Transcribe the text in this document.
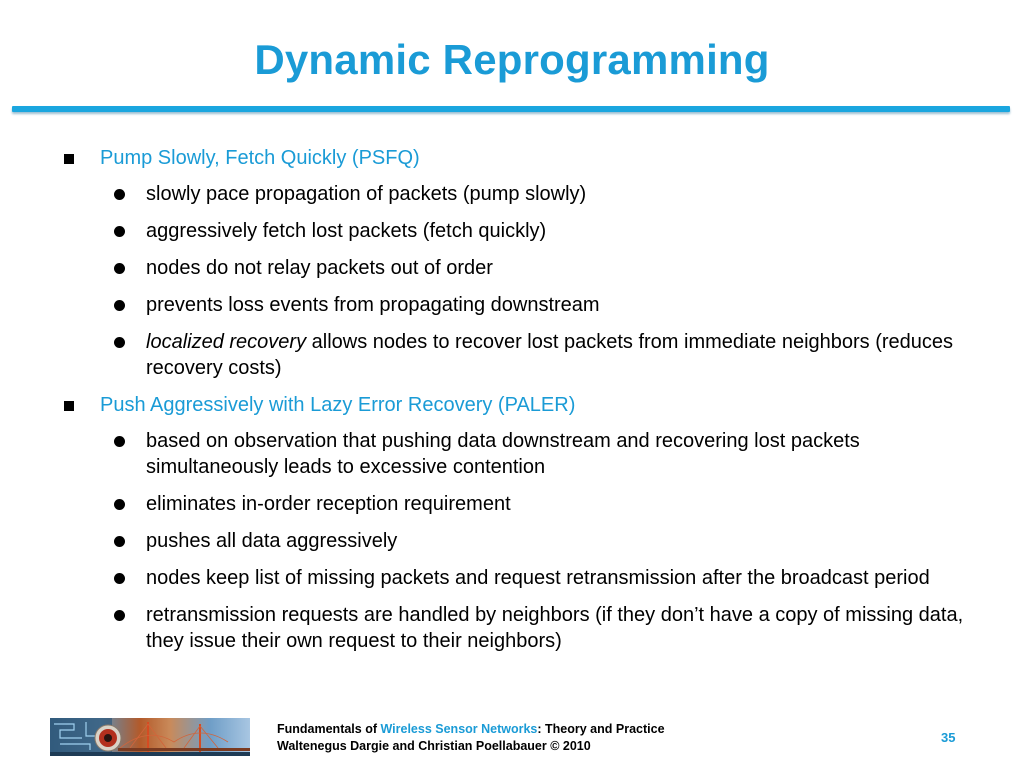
Dynamic Reprogramming
Pump Slowly, Fetch Quickly (PSFQ)
slowly pace propagation of packets (pump slowly)
aggressively fetch lost packets (fetch quickly)
nodes do not relay packets out of order
prevents loss events from propagating downstream
localized recovery allows nodes to recover lost packets from immediate neighbors (reduces recovery costs)
Push Aggressively with Lazy Error Recovery (PALER)
based on observation that pushing data downstream and recovering lost packets simultaneously leads to excessive contention
eliminates in-order reception requirement
pushes all data aggressively
nodes keep list of missing packets and request retransmission after the broadcast period
retransmission requests are handled by neighbors (if they don’t have a copy of missing data, they issue their own request to their neighbors)
Fundamentals of Wireless Sensor Networks: Theory and Practice
Waltenegus Dargie and Christian Poellabauer © 2010
35
